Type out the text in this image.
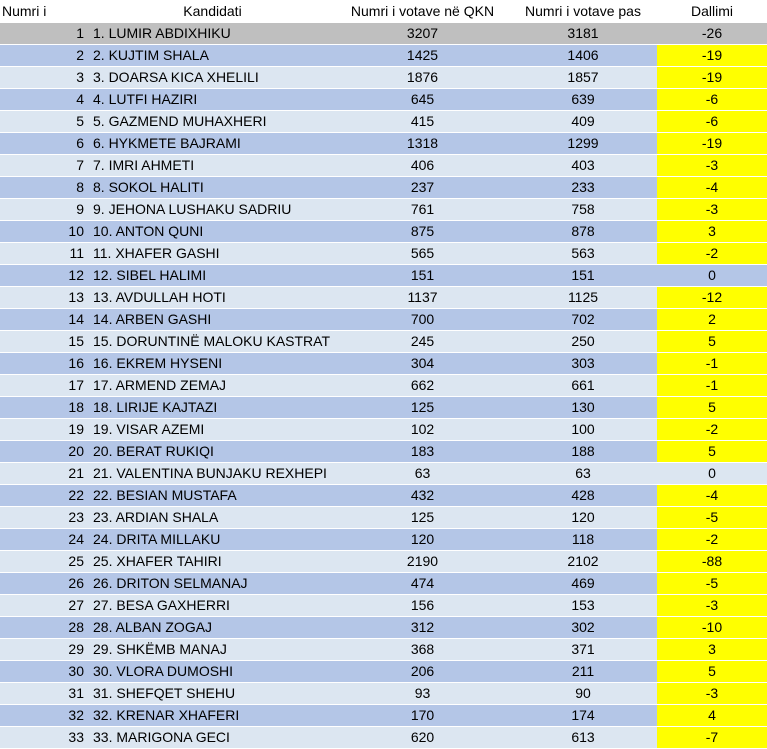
Numri i	Kandidati	Numri i votave në QKN	Numri i votave pas	Dallimi
1	1. LUMIR ABDIXHIKU	3207	3181	-26
2	2. KUJTIM SHALA	1425	1406	-19
3	3. DOARSA KICA XHELILI	1876	1857	-19
4	4. LUTFI HAZIRI	645	639	-6
5	5. GAZMEND MUHAXHERI	415	409	-6
6	6. HYKMETE BAJRAMI	1318	1299	-19
7	7. IMRI AHMETI	406	403	-3
8	8. SOKOL HALITI	237	233	-4
9	9. JEHONA LUSHAKU SADRIU	761	758	-3
10	10. ANTON QUNI	875	878	3
11	11. XHAFER GASHI	565	563	-2
12	12. SIBEL HALIMI	151	151	0
13	13. AVDULLAH HOTI	1137	1125	-12
14	14. ARBEN GASHI	700	702	2
15	15. DORUNTINË MALOKU KASTRAT	245	250	5
16	16. EKREM HYSENI	304	303	-1
17	17. ARMEND ZEMAJ	662	661	-1
18	18. LIRIJE KAJTAZI	125	130	5
19	19. VISAR AZEMI	102	100	-2
20	20. BERAT RUKIQI	183	188	5
21	21. VALENTINA BUNJAKU REXHEPI	63	63	0
22	22. BESIAN MUSTAFA	432	428	-4
23	23. ARDIAN SHALA	125	120	-5
24	24. DRITA MILLAKU	120	118	-2
25	25. XHAFER TAHIRI	2190	2102	-88
26	26. DRITON SELMANAJ	474	469	-5
27	27. BESA GAXHERRI	156	153	-3
28	28. ALBAN ZOGAJ	312	302	-10
29	29. SHKËMB MANAJ	368	371	3
30	30. VLORA DUMOSHI	206	211	5
31	31. SHEFQET SHEHU	93	90	-3
32	32. KRENAR XHAFERI	170	174	4
33	33. MARIGONA GECI	620	613	-7
